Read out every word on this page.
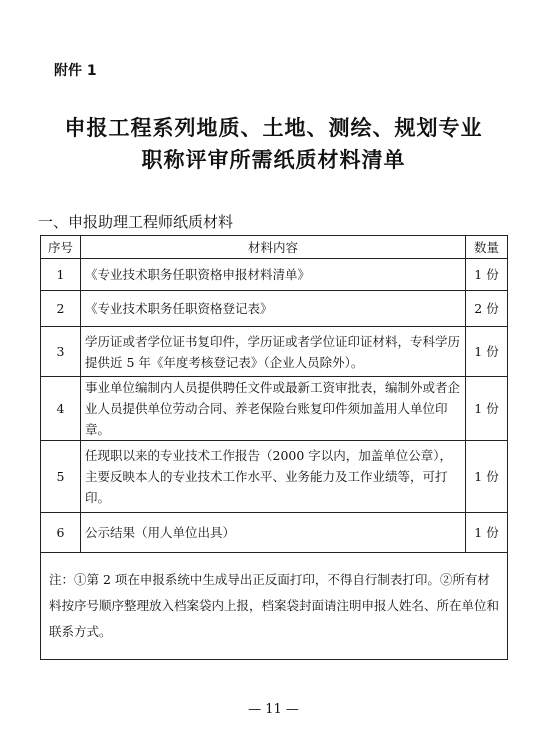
附件 1
申报工程系列地质、土地、测绘、规划专业
职称评审所需纸质材料清单
一、申报助理工程师纸质材料
序号	材料内容	数量
1	《专业技术职务任职资格申报材料清单》	1 份
2	《专业技术职务任职资格登记表》	2 份
3	学历证或者学位证书复印件，学历证或者学位证印证材料，专科学历提供近 5 年《年度考核登记表》（企业人员除外）。	1 份
4	事业单位编制内人员提供聘任文件或最新工资审批表，编制外或者企业人员提供单位劳动合同、养老保险台账复印件须加盖用人单位印章。	1 份
5	任现职以来的专业技术工作报告（2000 字以内，加盖单位公章），主要反映本人的专业技术工作水平、业务能力及工作业绩等，可打印。	1 份
6	公示结果（用人单位出具）	1 份
注：①第 2 项在申报系统中生成导出正反面打印，不得自行制表打印。②所有材料按序号顺序整理放入档案袋内上报，档案袋封面请注明申报人姓名、所在单位和联系方式。		
— 11 —
